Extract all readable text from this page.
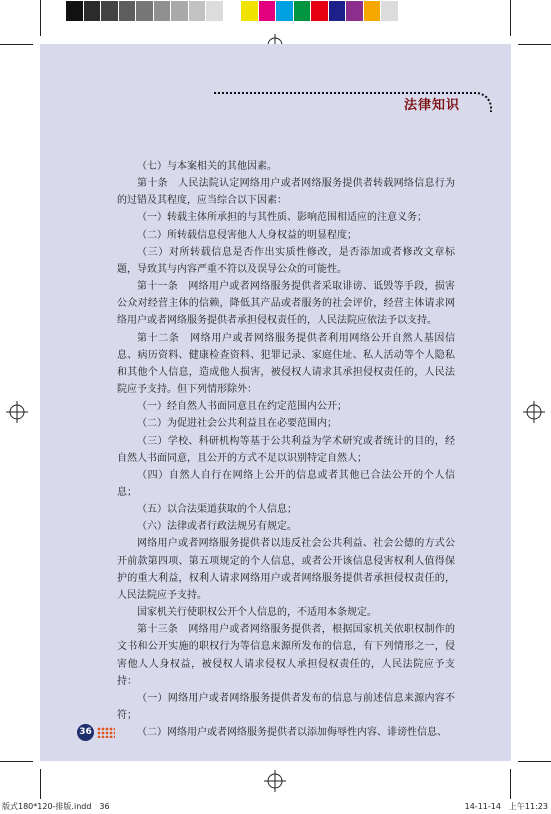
法律知识

（七）与本案相关的其他因素。

第十条　人民法院认定网络用户或者网络服务提供者转载网络信息行为的过错及其程度，应当综合以下因素：

（一）转载主体所承担的与其性质、影响范围相适应的注意义务；

（二）所转载信息侵害他人人身权益的明显程度；

（三）对所转载信息是否作出实质性修改，是否添加或者修改文章标题，导致其与内容严重不符以及误导公众的可能性。

第十一条　网络用户或者网络服务提供者采取诽谤、诋毁等手段，损害公众对经营主体的信赖，降低其产品或者服务的社会评价，经营主体请求网络用户或者网络服务提供者承担侵权责任的，人民法院应依法予以支持。

第十二条　网络用户或者网络服务提供者利用网络公开自然人基因信息、病历资料、健康检查资料、犯罪记录、家庭住址、私人活动等个人隐私和其他个人信息，造成他人损害，被侵权人请求其承担侵权责任的，人民法院应予支持。但下列情形除外：

（一）经自然人书面同意且在约定范围内公开；

（二）为促进社会公共利益且在必要范围内；

（三）学校、科研机构等基于公共利益为学术研究或者统计的目的，经自然人书面同意，且公开的方式不足以识别特定自然人；

（四）自然人自行在网络上公开的信息或者其他已合法公开的个人信息；

（五）以合法渠道获取的个人信息；

（六）法律或者行政法规另有规定。

网络用户或者网络服务提供者以违反社会公共利益、社会公德的方式公开前款第四项、第五项规定的个人信息，或者公开该信息侵害权利人值得保护的重大利益，权利人请求网络用户或者网络服务提供者承担侵权责任的，人民法院应予支持。

国家机关行使职权公开个人信息的，不适用本条规定。

第十三条　网络用户或者网络服务提供者，根据国家机关依职权制作的文书和公开实施的职权行为等信息来源所发布的信息，有下列情形之一，侵害他人人身权益，被侵权人请求侵权人承担侵权责任的，人民法院应予支持：

（一）网络用户或者网络服务提供者发布的信息与前述信息来源内容不符；

（二）网络用户或者网络服务提供者以添加侮辱性内容、诽谤性信息、

36
版式180*120-排版.indd　36	14-11-14　上午11:23
